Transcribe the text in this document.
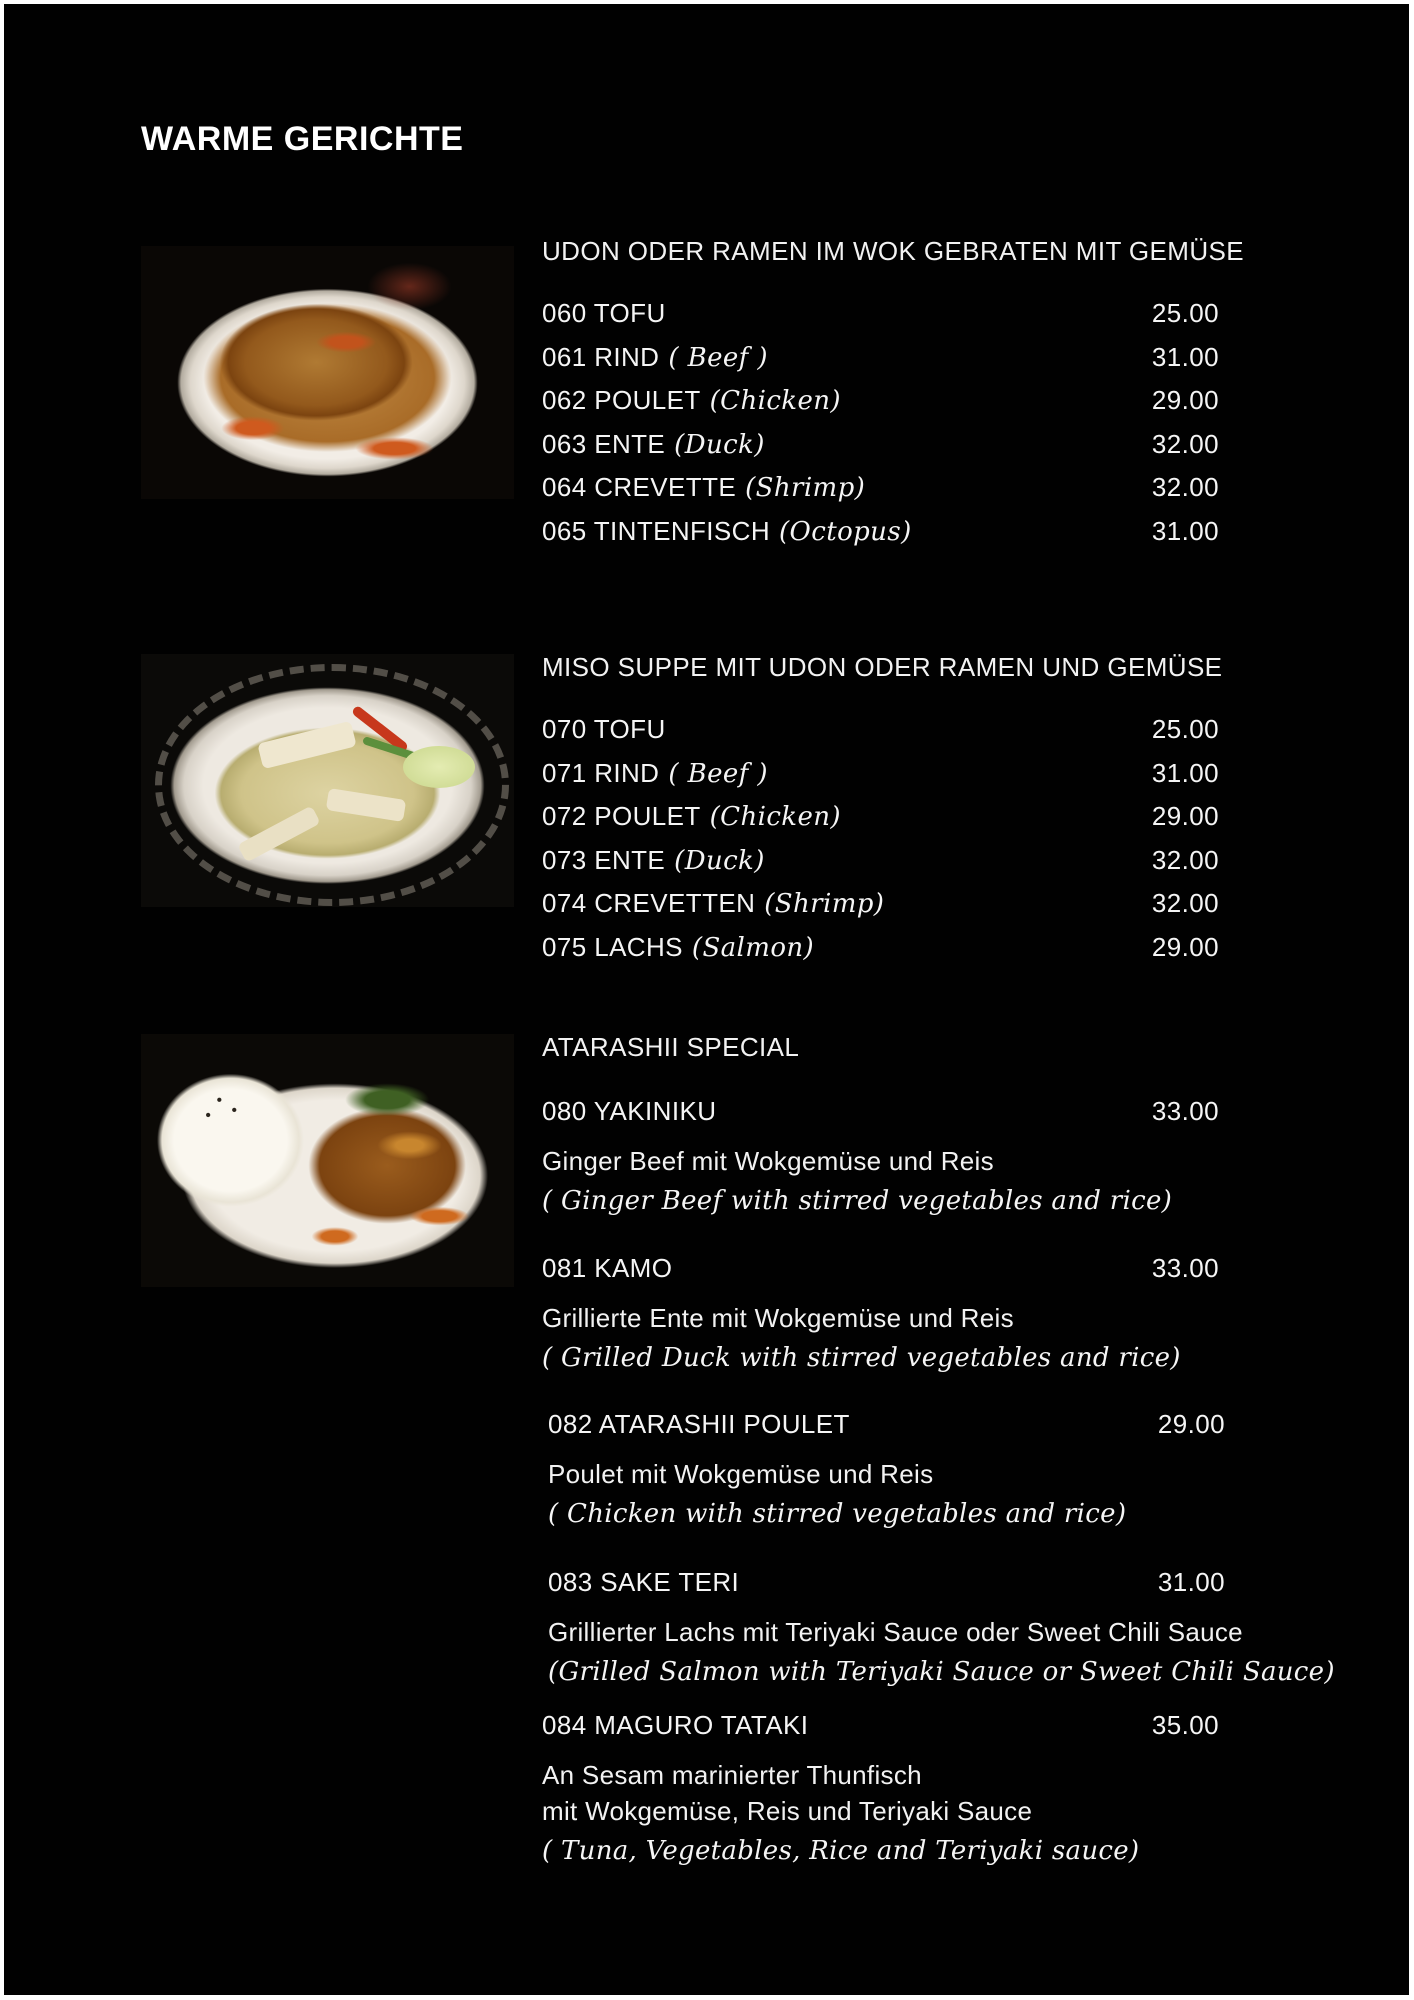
WARME GERICHTE
UDON ODER RAMEN IM WOK GEBRATEN MIT GEMÜSE
060 TOFU	25.00
061 RIND ( Beef )	31.00
062 POULET (Chicken)	29.00
063 ENTE (Duck)	32.00
064 CREVETTE (Shrimp)	32.00
065 TINTENFISCH (Octopus)	31.00
MISO SUPPE MIT UDON ODER RAMEN UND GEMÜSE
070 TOFU	25.00
071 RIND ( Beef )	31.00
072 POULET (Chicken)	29.00
073 ENTE (Duck)	32.00
074 CREVETTEN (Shrimp)	32.00
075 LACHS (Salmon)	29.00
ATARASHII SPECIAL
080 YAKINIKU	33.00
Ginger Beef mit Wokgemüse und Reis
( Ginger Beef with stirred vegetables and rice)
081 KAMO	33.00
Grillierte Ente mit Wokgemüse und Reis
( Grilled Duck with stirred vegetables and rice)
082 ATARASHII POULET	29.00
Poulet mit Wokgemüse und Reis
( Chicken with stirred vegetables and rice)
083 SAKE TERI	31.00
Grillierter Lachs mit Teriyaki Sauce oder Sweet Chili Sauce
(Grilled Salmon with Teriyaki Sauce or Sweet Chili Sauce)
084 MAGURO TATAKI	35.00
An Sesam marinierter Thunfisch
mit Wokgemüse, Reis und Teriyaki Sauce
( Tuna, Vegetables, Rice and Teriyaki sauce)
